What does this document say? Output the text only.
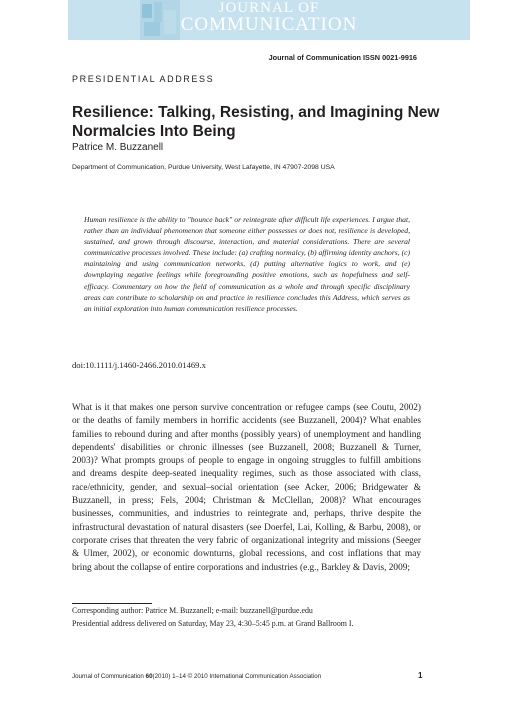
JOURNAL OF
COMMUNICATION
Journal of Communication ISSN 0021-9916
PRESIDENTIAL ADDRESS
Resilience: Talking, Resisting, and Imagining New Normalcies Into Being
Patrice M. Buzzanell
Department of Communication, Purdue University, West Lafayette, IN 47907-2098 USA
Human resilience is the ability to "bounce back" or reintegrate after difficult life experiences. I argue that, rather than an individual phenomenon that someone either possesses or does not, resilience is developed, sustained, and grown through discourse, interaction, and material considerations. There are several communicative processes involved. These include: (a) crafting normalcy, (b) affirming identity anchors, (c) maintaining and using communication networks, (d) putting alternative logics to work, and (e) downplaying negative feelings while foregrounding positive emotions, such as hopefulness and self-efficacy. Commentary on how the field of communication as a whole and through specific disciplinary areas can contribute to scholarship on and practice in resilience concludes this Address, which serves as an initial exploration into human communication resilience processes.
doi:10.1111/j.1460-2466.2010.01469.x
What is it that makes one person survive concentration or refugee camps (see Coutu, 2002) or the deaths of family members in horrific accidents (see Buzzanell, 2004)? What enables families to rebound during and after months (possibly years) of unemployment and handling dependents' disabilities or chronic illnesses (see Buzzanell, 2008; Buzzanell & Turner, 2003)? What prompts groups of people to engage in ongoing struggles to fulfill ambitions and dreams despite deep-seated inequality regimes, such as those associated with class, race/ethnicity, gender, and sexual–social orientation (see Acker, 2006; Bridgewater & Buzzanell, in press; Fels, 2004; Christman & McClellan, 2008)? What encourages businesses, communities, and industries to reintegrate and, perhaps, thrive despite the infrastructural devastation of natural disasters (see Doerfel, Lai, Kolling, & Barbu, 2008), or corporate crises that threaten the very fabric of organizational integrity and missions (Seeger & Ulmer, 2002), or economic downturns, global recessions, and cost inflations that may bring about the collapse of entire corporations and industries (e.g., Barkley & Davis, 2009;
Corresponding author: Patrice M. Buzzanell; e-mail: buzzanell@purdue.edu
Presidential address delivered on Saturday, May 23, 4:30–5:45 p.m. at Grand Ballroom I.
Journal of Communication 60(2010) 1–14 © 2010 International Communication Association	1
